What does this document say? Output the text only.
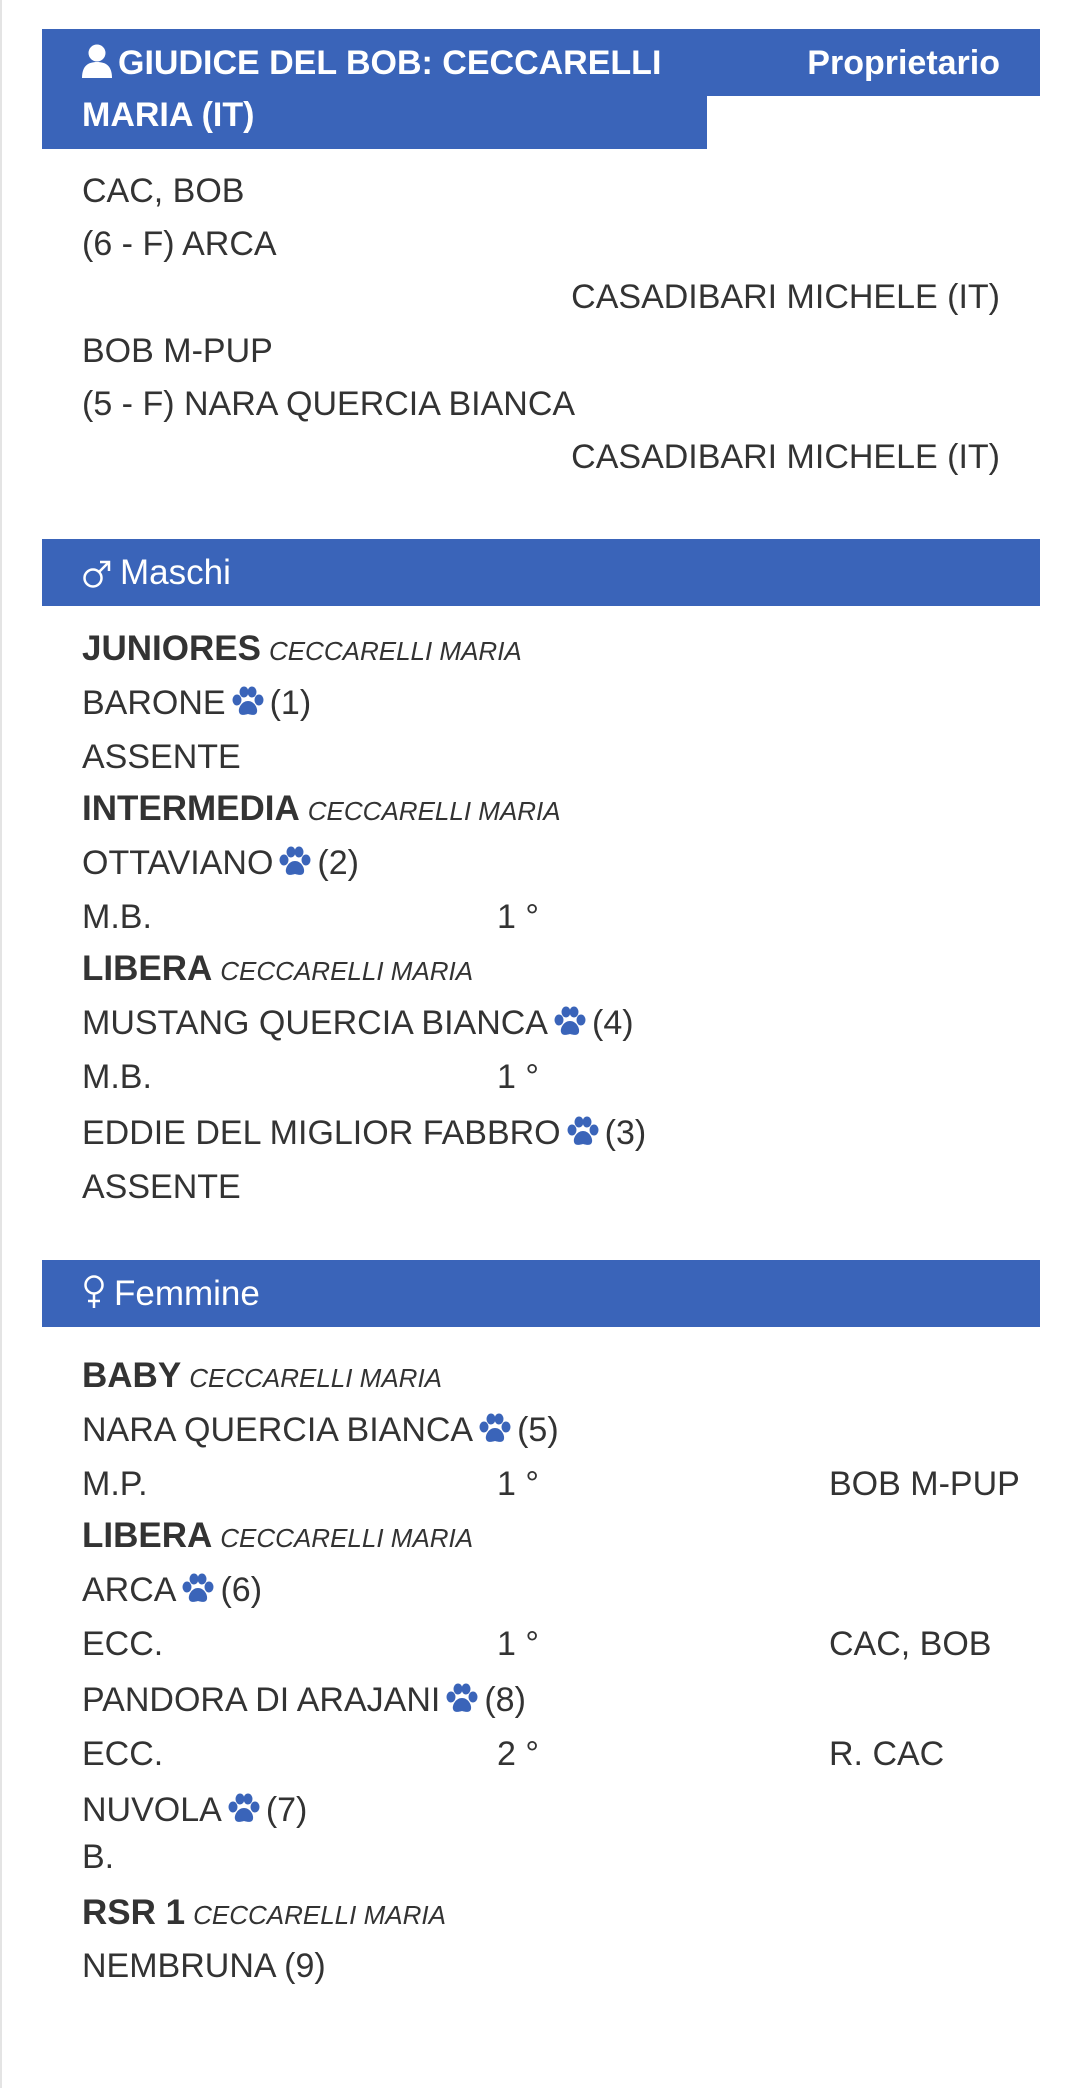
Proprietario
GIUDICE DEL BOB: CECCARELLI MARIA (IT)
CAC, BOB
(6 - F) ARCA
CASADIBARI MICHELE (IT)
BOB M-PUP
(5 - F) NARA QUERCIA BIANCA
CASADIBARI MICHELE (IT)
Maschi
JUNIORES CECCARELLI MARIA
BARONE (1)
ASSENTE
INTERMEDIA CECCARELLI MARIA
OTTAVIANO (2)
M.B.	1 °
LIBERA CECCARELLI MARIA
MUSTANG QUERCIA BIANCA (4)
M.B.	1 °
EDDIE DEL MIGLIOR FABBRO (3)
ASSENTE
Femmine
BABY CECCARELLI MARIA
NARA QUERCIA BIANCA (5)
M.P.	1 °	BOB M-PUP
LIBERA CECCARELLI MARIA
ARCA (6)
ECC.	1 °	CAC, BOB
PANDORA DI ARAJANI (8)
ECC.	2 °	R. CAC
NUVOLA (7)
B.
RSR 1 CECCARELLI MARIA
NEMBRUNA (9)
